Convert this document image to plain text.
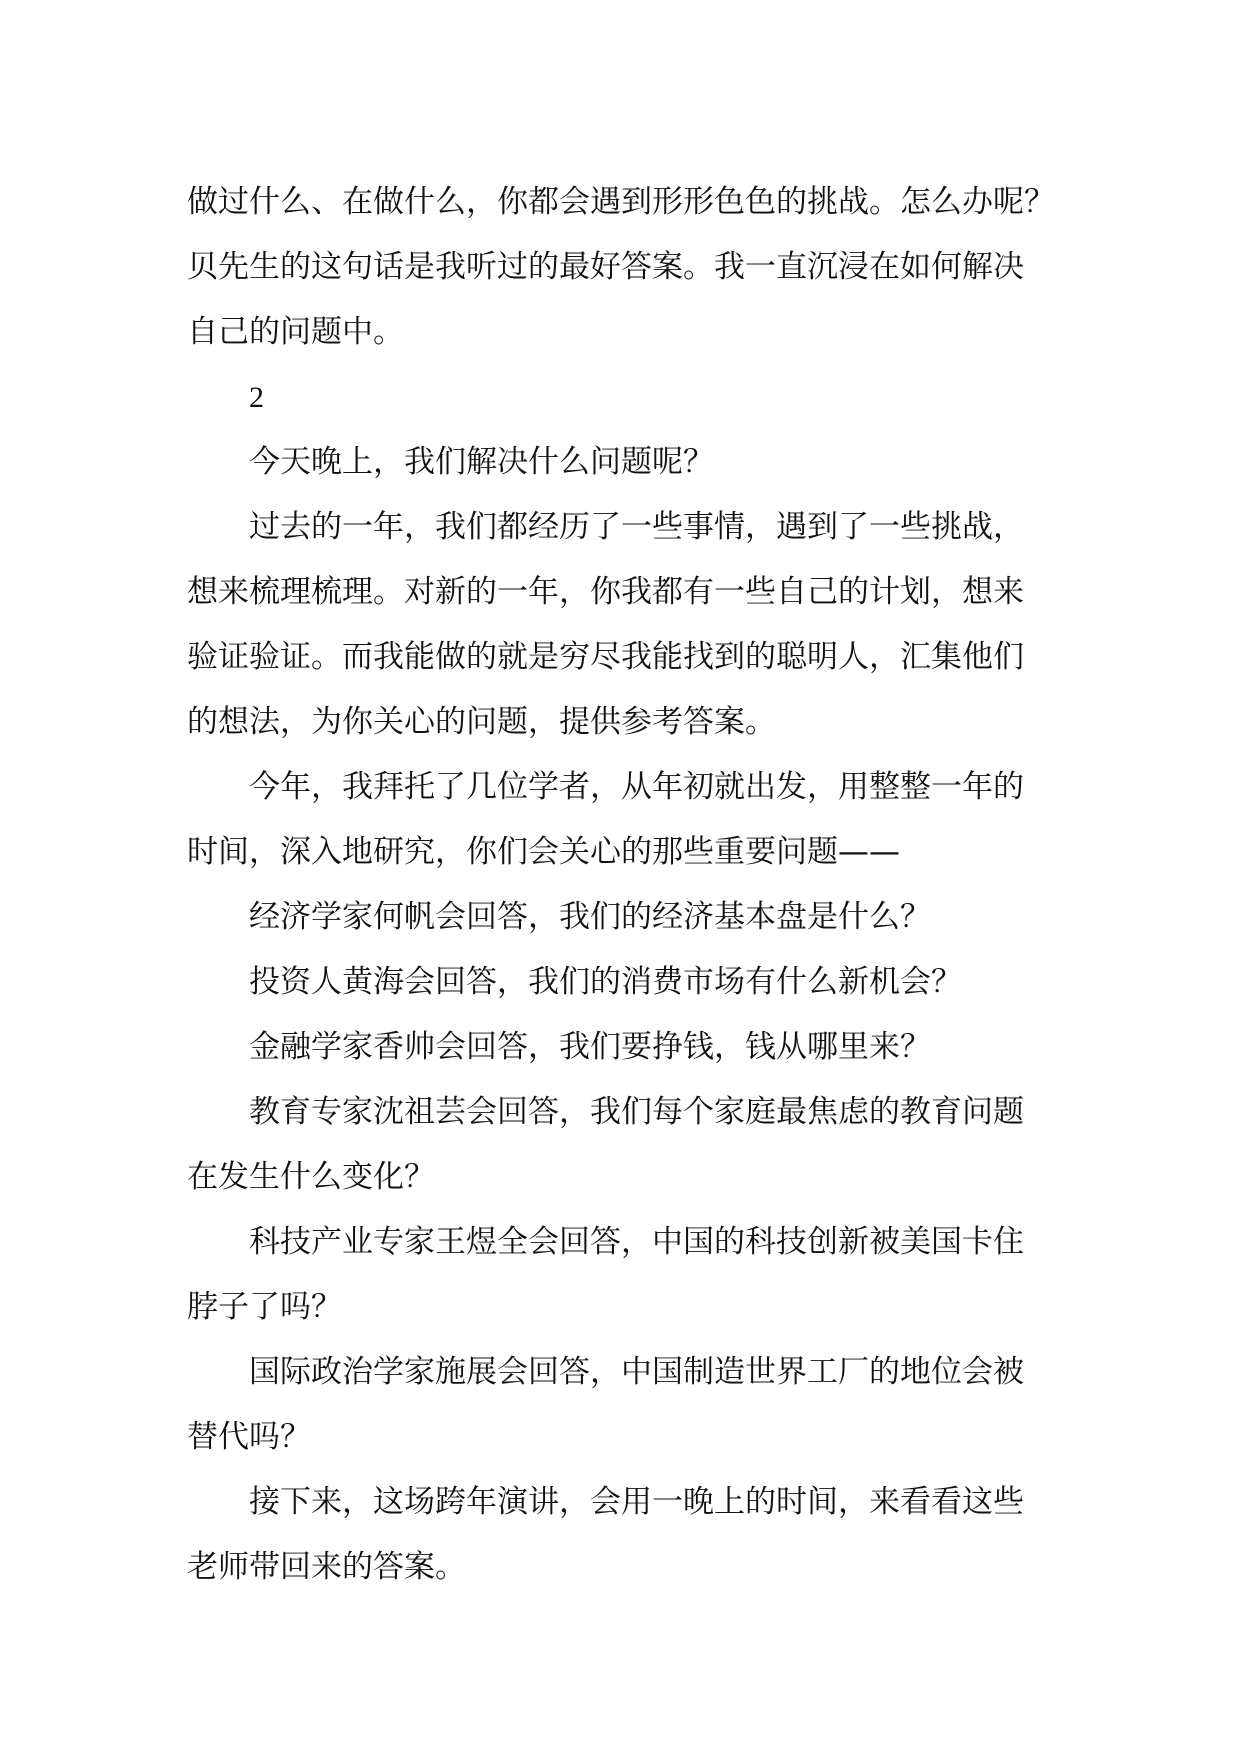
做过什么、在做什么，你都会遇到形形色色的挑战。怎么办呢？
贝先生的这句话是我听过的最好答案。我一直沉浸在如何解决
自己的问题中。
2
今天晚上，我们解决什么问题呢？
过去的一年，我们都经历了一些事情，遇到了一些挑战，
想来梳理梳理。对新的一年，你我都有一些自己的计划，想来
验证验证。而我能做的就是穷尽我能找到的聪明人，汇集他们
的想法，为你关心的问题，提供参考答案。
今年，我拜托了几位学者，从年初就出发，用整整一年的
时间，深入地研究，你们会关心的那些重要问题——
经济学家何帆会回答，我们的经济基本盘是什么？
投资人黄海会回答，我们的消费市场有什么新机会？
金融学家香帅会回答，我们要挣钱，钱从哪里来？
教育专家沈祖芸会回答，我们每个家庭最焦虑的教育问题
在发生什么变化？
科技产业专家王煜全会回答，中国的科技创新被美国卡住
脖子了吗？
国际政治学家施展会回答，中国制造世界工厂的地位会被
替代吗？
接下来，这场跨年演讲，会用一晚上的时间，来看看这些
老师带回来的答案。
